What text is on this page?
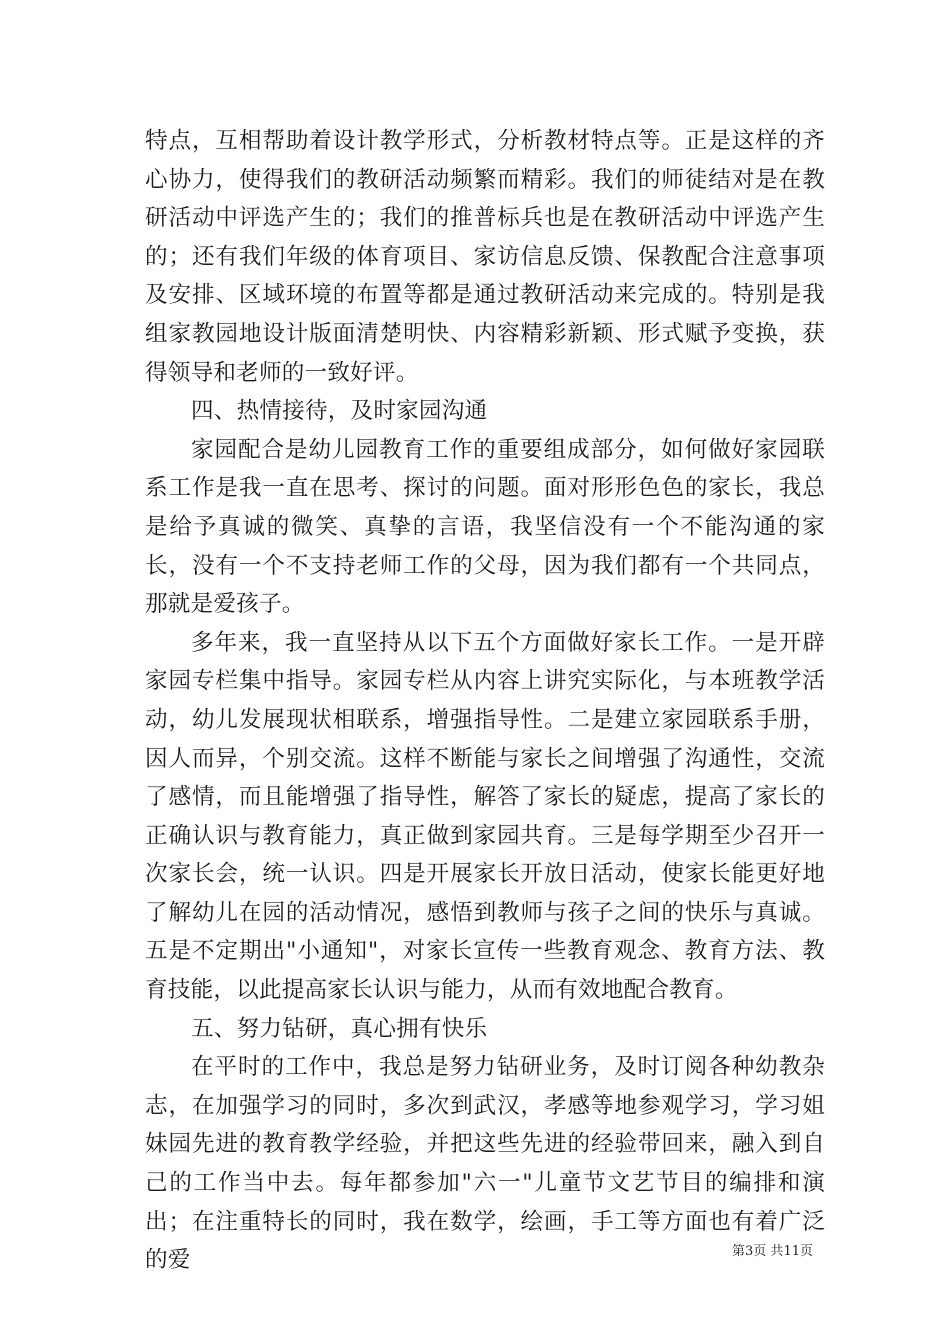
特点，互相帮助着设计教学形式，分析教材特点等。正是这样的齐心协力，使得我们的教研活动频繁而精彩。我们的师徒结对是在教研活动中评选产生的；我们的推普标兵也是在教研活动中评选产生的；还有我们年级的体育项目、家访信息反馈、保教配合注意事项及安排、区域环境的布置等都是通过教研活动来完成的。特别是我组家教园地设计版面清楚明快、内容精彩新颖、形式赋予变换，获得领导和老师的一致好评。

四、热情接待，及时家园沟通

家园配合是幼儿园教育工作的重要组成部分，如何做好家园联系工作是我一直在思考、探讨的问题。面对形形色色的家长，我总是给予真诚的微笑、真挚的言语，我坚信没有一个不能沟通的家长，没有一个不支持老师工作的父母，因为我们都有一个共同点，那就是爱孩子。

多年来，我一直坚持从以下五个方面做好家长工作。一是开辟家园专栏集中指导。家园专栏从内容上讲究实际化，与本班教学活动，幼儿发展现状相联系，增强指导性。二是建立家园联系手册，因人而异，个别交流。这样不断能与家长之间增强了沟通性，交流了感情，而且能增强了指导性，解答了家长的疑虑，提高了家长的正确认识与教育能力，真正做到家园共育。三是每学期至少召开一次家长会，统一认识。四是开展家长开放日活动，使家长能更好地了解幼儿在园的活动情况，感悟到教师与孩子之间的快乐与真诚。五是不定期出"小通知"，对家长宣传一些教育观念、教育方法、教育技能，以此提高家长认识与能力，从而有效地配合教育。

五、努力钻研，真心拥有快乐

在平时的工作中，我总是努力钻研业务，及时订阅各种幼教杂志，在加强学习的同时，多次到武汉，孝感等地参观学习，学习姐妹园先进的教育教学经验，并把这些先进的经验带回来，融入到自己的工作当中去。每年都参加"六一"儿童节文艺节目的编排和演出；在注重特长的同时，我在数学，绘画，手工等方面也有着广泛的爱	第3页 共11页
